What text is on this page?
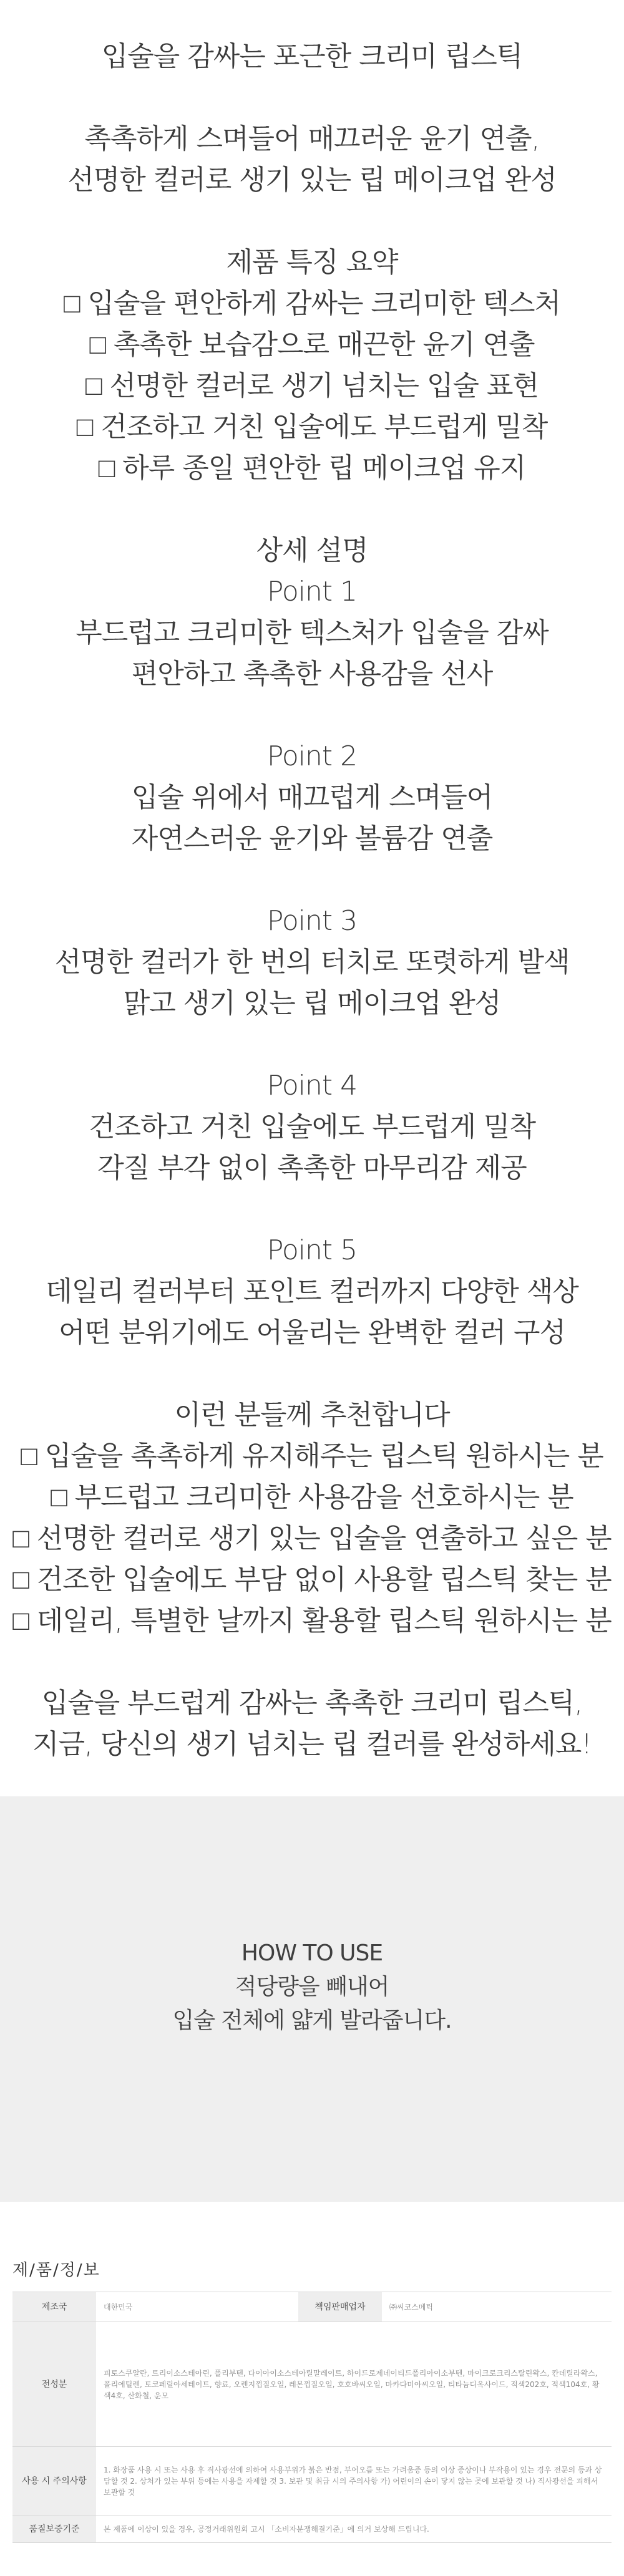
입술을 감싸는 포근한 크리미 립스틱
촉촉하게 스며들어 매끄러운 윤기 연출,
선명한 컬러로 생기 있는 립 메이크업 완성
제품 특징 요약
□ 입술을 편안하게 감싸는 크리미한 텍스처
□ 촉촉한 보습감으로 매끈한 윤기 연출
□ 선명한 컬러로 생기 넘치는 입술 표현
□ 건조하고 거친 입술에도 부드럽게 밀착
□ 하루 종일 편안한 립 메이크업 유지
상세 설명
Point 1
부드럽고 크리미한 텍스처가 입술을 감싸
편안하고 촉촉한 사용감을 선사
Point 2
입술 위에서 매끄럽게 스며들어
자연스러운 윤기와 볼륨감 연출
Point 3
선명한 컬러가 한 번의 터치로 또렷하게 발색
맑고 생기 있는 립 메이크업 완성
Point 4
건조하고 거친 입술에도 부드럽게 밀착
각질 부각 없이 촉촉한 마무리감 제공
Point 5
데일리 컬러부터 포인트 컬러까지 다양한 색상
어떤 분위기에도 어울리는 완벽한 컬러 구성
이런 분들께 추천합니다
□ 입술을 촉촉하게 유지해주는 립스틱 원하시는 분
□ 부드럽고 크리미한 사용감을 선호하시는 분
□ 선명한 컬러로 생기 있는 입술을 연출하고 싶은 분
□ 건조한 입술에도 부담 없이 사용할 립스틱 찾는 분
□ 데일리, 특별한 날까지 활용할 립스틱 원하시는 분
입술을 부드럽게 감싸는 촉촉한 크리미 립스틱,
지금, 당신의 생기 넘치는 립 컬러를 완성하세요!
HOW TO USE
적당량을 빼내어
입술 전체에 얇게 발라줍니다.
제/품/정/보
제조국	대한민국	책임판매업자	㈜씨코스메틱
전성분	피토스쿠알란, 트리이소스테아린, 폴리부텐, 다이아이소스테아릴말레이트, 하이드로제네이티드폴리아이소부텐, 마이크로크리스탈린왁스, 칸데릴라왁스, 폴리에틸렌, 토코페릴아세테이트, 향료, 오렌지껍질오일, 레몬껍질오일, 호호바씨오일, 마카다미아씨오일, 티타늄디옥사이드, 적색202호, 적색104호, 황색4호, 산화철, 운모		
사용 시 주의사항	1. 화장품 사용 시 또는 사용 후 직사광선에 의하여 사용부위가 붉은 반점, 부어오름 또는 가려움증 등의 이상 증상이나 부작용이 있는 경우 전문의 등과 상담할 것 2. 상처가 있는 부위 등에는 사용을 자제할 것 3. 보관 및 취급 시의 주의사항 가) 어린이의 손이 닿지 않는 곳에 보관할 것 나) 직사광선을 피해서 보관할 것		
품질보증기준	본 제품에 이상이 있을 경우, 공정거래위원회 고시 「소비자분쟁해결기준」에 의거 보상해 드립니다.		
